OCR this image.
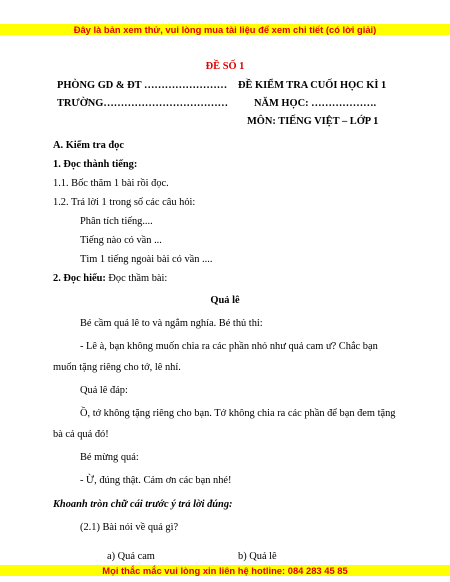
Đây là bản xem thử, vui lòng mua tài liệu để xem chi tiết (có lời giải)
ĐỀ SỐ 1
PHÒNG GD & ĐT …………………… ĐỀ KIỂM TRA CUỐI HỌC KÌ 1
TRƯỜNG……………………………… NĂM HỌC: ……………….
MÔN: TIẾNG VIỆT – LỚP 1
A. Kiểm tra đọc
1. Đọc thành tiếng:
1.1. Bốc thăm 1 bài rồi đọc.
1.2. Trả lời 1 trong số các câu hỏi:
Phân tích tiếng....
Tiếng nào có vần ...
Tìm 1 tiếng ngoài bài có vần ....
2. Đọc hiểu: Đọc thầm bài:
Quả lê
Bé cầm quả lê to và ngắm nghía. Bé thủ thỉ:
- Lê à, bạn không muốn chia ra các phần nhỏ như quả cam ư? Chắc bạn
muốn tặng riêng cho tớ, lê nhỉ.
Quả lê đáp:
Ồ, tớ không tặng riêng cho bạn. Tớ không chia ra các phần để bạn đem tặng
bà cả quả đó!
Bé mừng quá:
- Ừ, đúng thật. Cảm ơn các bạn nhé!
Khoanh tròn chữ cái trước ý trả lời đúng:
(2.1) Bài nói về quả gì?
a) Quả cam	b) Quả lê
Mọi thắc mắc vui lòng xin liên hệ hotline: 084 283 45 85
